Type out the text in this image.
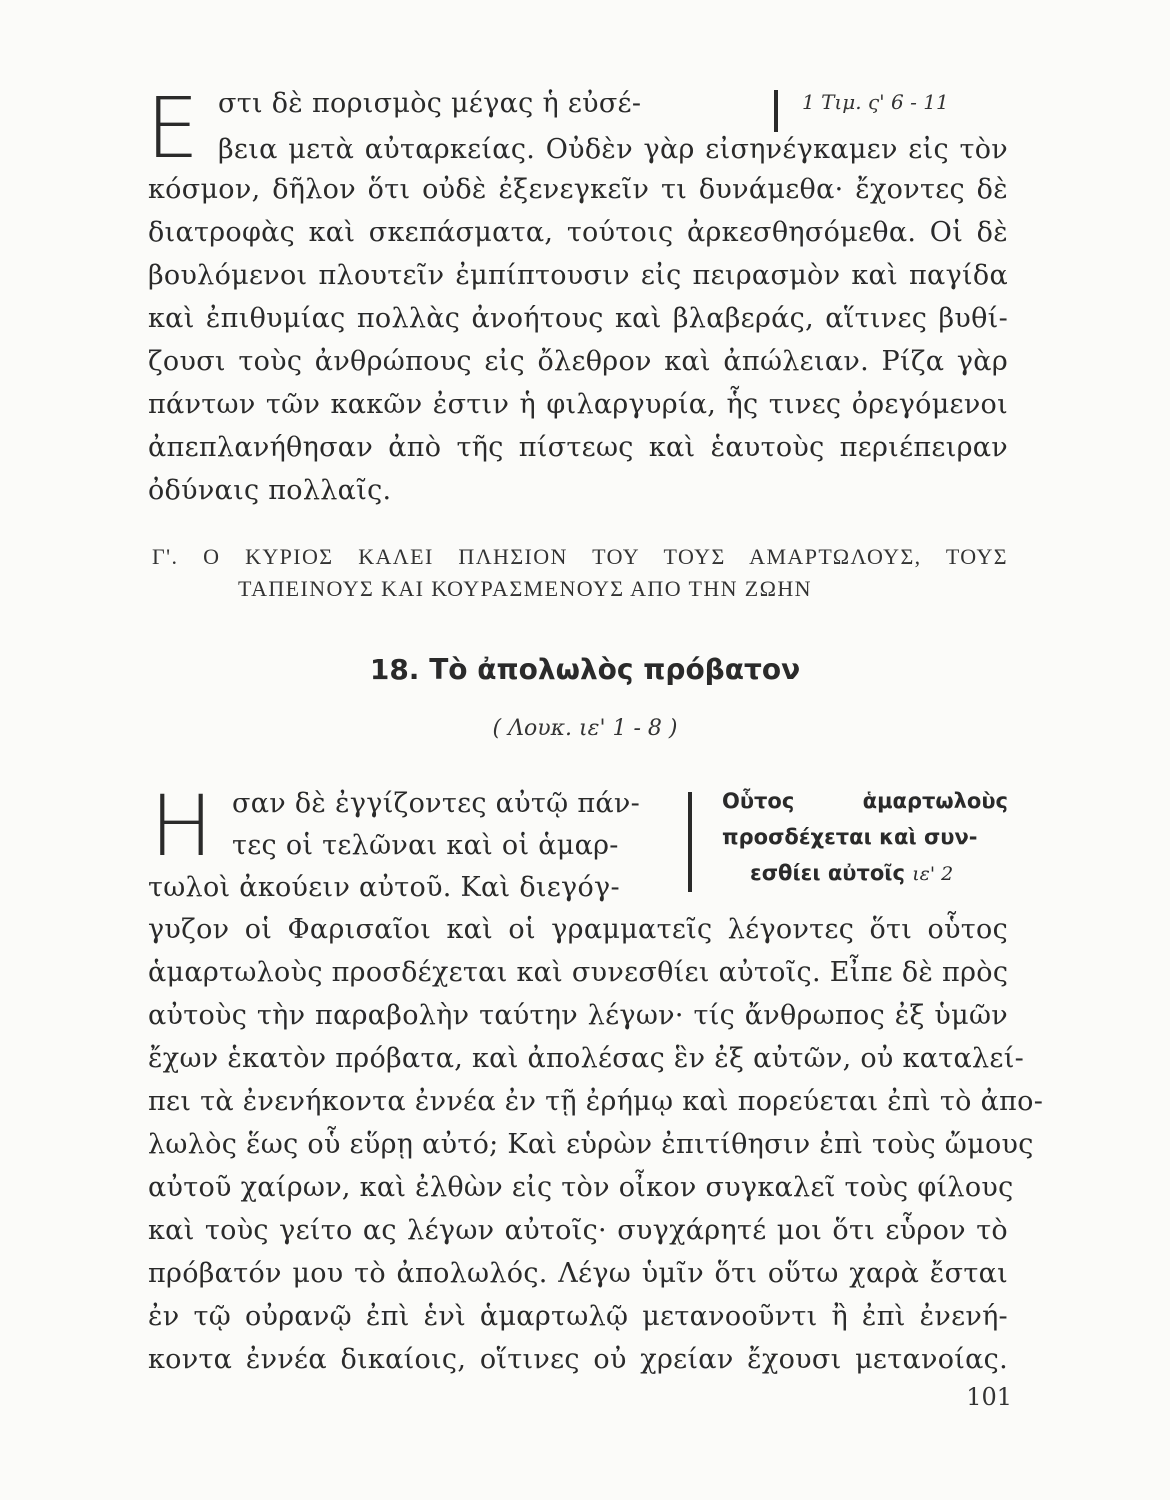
E στι δὲ πορισμὸς μέγας ἡ εὐσέ-	1 Τιμ. ς' 6 - 11
βεια μετὰ αὐταρκείας. Οὐδὲν γὰρ εἰσηνέγκαμεν εἰς τὸν
κόσμον, δῆλον ὅτι οὐδὲ ἐξενεγκεῖν τι δυνάμεθα· ἔχοντες δὲ
διατροφὰς καὶ σκεπάσματα, τούτοις ἀρκεσθησόμεθα. Οἱ δὲ
βουλόμενοι πλουτεῖν ἐμπίπτουσιν εἰς πειρασμὸν καὶ παγίδα
καὶ ἐπιθυμίας πολλὰς ἀνοήτους καὶ βλαβεράς, αἵτινες βυθί-
ζουσι τοὺς ἀνθρώπους εἰς ὄλεθρον καὶ ἀπώλειαν. Ρίζα γὰρ
πάντων τῶν κακῶν ἐστιν ἡ φιλαργυρία, ἧς τινες ὀρεγόμενοι
ἀπεπλανήθησαν ἀπὸ τῆς πίστεως καὶ ἑαυτοὺς περιέπειραν
ὀδύναις πολλαῖς.
Γ'. Ο ΚΥΡΙΟΣ ΚΑΛΕΙ ΠΛΗΣΙΟΝ ΤΟΥ ΤΟΥΣ ΑΜΑΡΤΩΛΟΥΣ, ΤΟΥΣ
ΤΑΠΕΙΝΟΥΣ ΚΑΙ ΚΟΥΡΑΣΜΕΝΟΥΣ ΑΠΟ ΤΗΝ ΖΩΗΝ
18. Τὸ ἀπολωλὸς πρόβατον
( Λουκ. ιε' 1 - 8 )
H σαν δὲ ἐγγίζοντες αὐτῷ πάν-
τες οἱ τελῶναι καὶ οἱ ἁμαρ-
τωλοὶ ἀκούειν αὐτοῦ. Καὶ διεγόγ-
Οὗτος ἁμαρτωλοὺς
προσδέχεται καὶ συν-
εσθίει αὐτοῖς ιε' 2
γυζον οἱ Φαρισαῖοι καὶ οἱ γραμματεῖς λέγοντες ὅτι οὗτος
ἁμαρτωλοὺς προσδέχεται καὶ συνεσθίει αὐτοῖς. Εἶπε δὲ πρὸς
αὐτοὺς τὴν παραβολὴν ταύτην λέγων· τίς ἄνθρωπος ἐξ ὑμῶν
ἔχων ἑκατὸν πρόβατα, καὶ ἀπολέσας ἓν ἐξ αὐτῶν, οὐ καταλεί-
πει τὰ ἐνενήκοντα ἐννέα ἐν τῇ ἐρήμῳ καὶ πορεύεται ἐπὶ τὸ ἀπο-
λωλὸς ἕως οὗ εὕρῃ αὐτό; Καὶ εὑρὼν ἐπιτίθησιν ἐπὶ τοὺς ὤμους
αὐτοῦ χαίρων, καὶ ἐλθὼν εἰς τὸν οἶκον συγκαλεῖ τοὺς φίλους
καὶ τοὺς γείτο ας λέγων αὐτοῖς· συγχάρητέ μοι ὅτι εὗρον τὸ
πρόβατόν μου τὸ ἀπολωλός. Λέγω ὑμῖν ὅτι οὕτω χαρὰ ἔσται
ἐν τῷ οὐρανῷ ἐπὶ ἑνὶ ἁμαρτωλῷ μετανοοῦντι ἢ ἐπὶ ἐνενή-
κοντα ἐννέα δικαίοις, οἵτινες οὐ χρείαν ἔχουσι μετανοίας.
101
